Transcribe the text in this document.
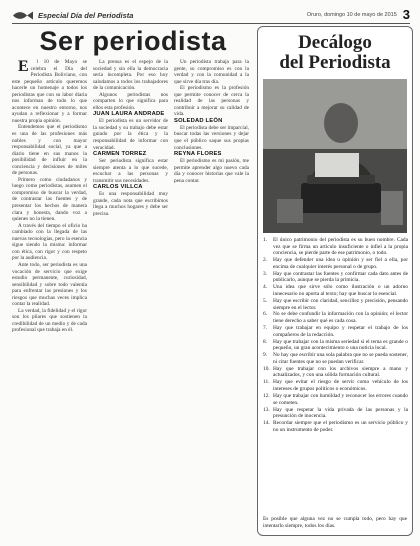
Especial Día del Periodista	Oruro, domingo 10 de mayo de 2015 3
Ser periodista

E l 10 de Mayo se celebra el Día del Periodista Boliviano, con este pequeño artículo queremos hacerle un homenaje a todos los periodistas que con su labor diaria nos informan de todo lo que acontece en nuestro entorno, nos ayudan a reflexionar y a formar nuestra propia opinión.

Entendemos que el periodismo es una de las profesiones más nobles y con mayor responsabilidad social, ya que a diario tiene en sus manos la posibilidad de influir en la conciencia y decisiones de miles de personas.

Primero como ciudadanos y luego como periodistas, asumen el compromiso de buscar la verdad, de contrastar las fuentes y de presentar los hechos de manera clara y honesta, dando voz a quienes no la tienen.

A través del tiempo el oficio ha cambiado con la llegada de las nuevas tecnologías, pero la esencia sigue siendo la misma: informar con ética, con rigor y con respeto por la audiencia.

Ante todo, ser periodista es una vocación de servicio que exige estudio permanente, curiosidad, sensibilidad y sobre todo valentía para enfrentar las presiones y los riesgos que muchas veces implica contar la realidad.

La verdad, la fidelidad y el rigor son los pilares que sostienen la credibilidad de un medio y de cada profesional que trabaja en él.

La prensa es el espejo de la sociedad y sin ella la democracia sería incompleta. Por eso hoy saludamos a todos los trabajadores de la comunicación.

Algunos periodistas nos comparten lo que significa para ellos esta profesión.

JUAN LAURA ANDRADE

El periodista es un servidor de la sociedad y su trabajo debe estar guiado por la ética y la responsabilidad de informar con veracidad.

CARMEN TORREZ

Ser periodista significa estar siempre atenta a lo que sucede, escuchar a las personas y transmitir sus necesidades.

CARLOS VILLCA

Es una responsabilidad muy grande, cada nota que escribimos llega a muchos hogares y debe ser precisa.

Un periodista trabaja para la gente, su compromiso es con la verdad y con la comunidad a la que sirve día tras día.

El periodismo es la profesión que permite conocer de cerca la realidad de las personas y contribuir a mejorar su calidad de vida.

SOLEDAD LEÓN

El periodista debe ser imparcial, buscar todas las versiones y dejar que el público saque sus propias conclusiones.

REYNA FLORES

El periodismo es mi pasión, me permite aprender algo nuevo cada día y conocer historias que vale la pena contar.

Decálogo
del Periodista
1. El único patrimonio del periodista es su buen nombre. Cada vez que se firma un artículo insuficiente o infiel a la propia conciencia, se pierde parte de ese patrimonio, o todo.
2. Hay que defender una idea u opinión y ser fiel a ella, por encima de cualquier interés personal o de grupo.
3. Hay que contrastar las fuentes y confirmar cada dato antes de publicarlo, aunque se pierda la primicia.
4. Una idea que sirve sólo como ilustración o un adorno innecesario no aporta al texto; hay que buscar lo esencial.
5. Hay que escribir con claridad, sencillez y precisión, pensando siempre en el lector.
6. No se debe confundir la información con la opinión; el lector tiene derecho a saber qué es cada cosa.
7. Hay que trabajar en equipo y respetar el trabajo de los compañeros de la redacción.
8. Hay que trabajar con la misma seriedad si el tema es grande o pequeño, un gran acontecimiento o una noticia local.
9. No hay que escribir una sola palabra que no se pueda sostener, ni citar fuentes que no se puedan verificar.
10. Hay que trabajar con los archivos siempre a mano y actualizados, y con una sólida formación cultural.
11. Hay que evitar el riesgo de servir como vehículo de los intereses de grupos políticos o económicos.
12. Hay que trabajar con humildad y reconocer los errores cuando se cometen.
13. Hay que respetar la vida privada de las personas y la presunción de inocencia.
14. Recordar siempre que el periodismo es un servicio público y no un instrumento de poder.

Es posible que alguna vez no se cumpla todo, pero hay que intentarlo siempre, todos los días.
